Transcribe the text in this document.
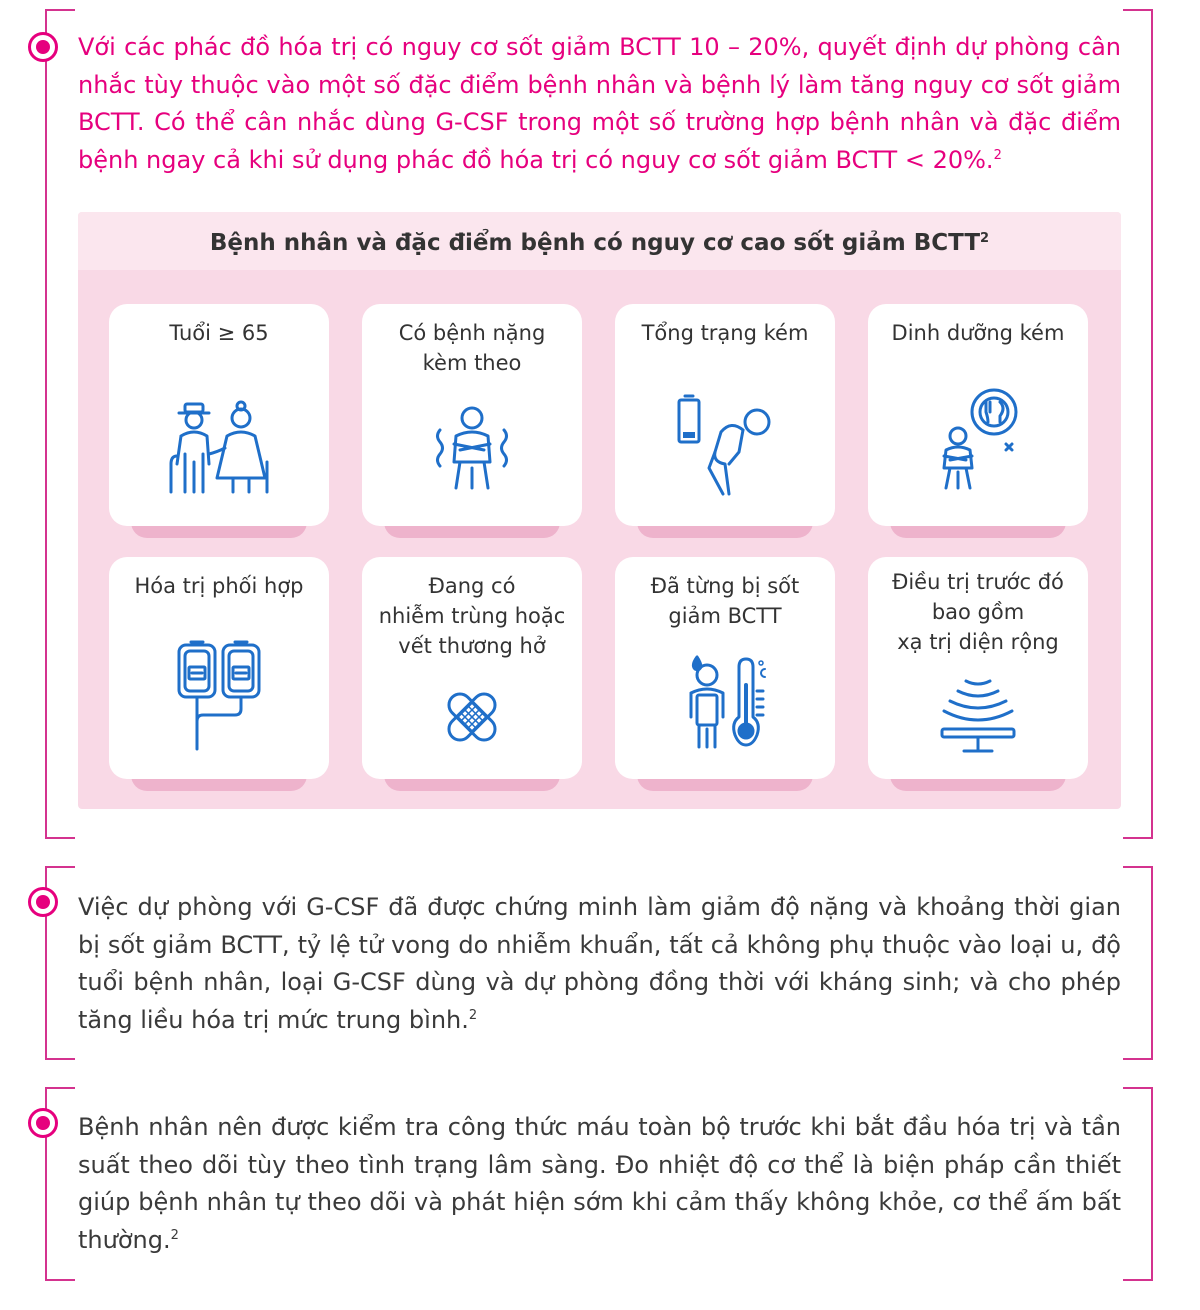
Với các phác đồ hóa trị có nguy cơ sốt giảm BCTT 10 – 20%, quyết định dự phòng cân nhắc tùy thuộc vào một số đặc điểm bệnh nhân và bệnh lý làm tăng nguy cơ sốt giảm BCTT. Có thể cân nhắc dùng G-CSF trong một số trường hợp bệnh nhân và đặc điểm bệnh ngay cả khi sử dụng phác đồ hóa trị có nguy cơ sốt giảm BCTT < 20%.$^2$

Bệnh nhân và đặc điểm bệnh có nguy cơ cao sốt giảm BCTT$^2$
Tuổi ≥ 65	Có bệnh nặng
kèm theo
Tổng trạng kém	Dinh dưỡng kém
Hóa trị phối hợp	Đang có
nhiễm trùng hoặc
vết thương hở
Đã từng bị sốt
giảm BCTT
Điều trị trước đó
bao gồm
xạ trị diện rộng

Việc dự phòng với G-CSF đã được chứng minh làm giảm độ nặng và khoảng thời gian bị sốt giảm BCTT, tỷ lệ tử vong do nhiễm khuẩn, tất cả không phụ thuộc vào loại u, độ tuổi bệnh nhân, loại G-CSF dùng và dự phòng đồng thời với kháng sinh; và cho phép tăng liều hóa trị mức trung bình.$^2$

Bệnh nhân nên được kiểm tra công thức máu toàn bộ trước khi bắt đầu hóa trị và tần suất theo dõi tùy theo tình trạng lâm sàng. Đo nhiệt độ cơ thể là biện pháp cần thiết giúp bệnh nhân tự theo dõi và phát hiện sớm khi cảm thấy không khỏe, cơ thể ấm bất thường.$^2$
